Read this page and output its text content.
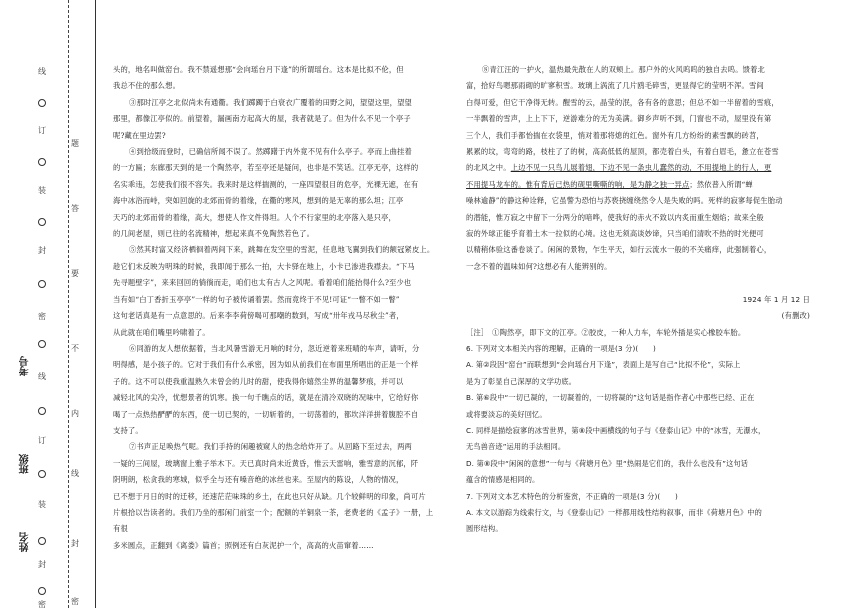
线
订
装
封
密
线
订
装
封
密
题
答
要
不
内
线
封
密
考号
班级
姓名

头的，地名叫做窑台。我不禁遥想那“会向瑶台月下逢”的所谓瑶台。这本是比拟不伦，但

我总不住的那么想。

③那时江亭之北似尚未有通衢。我们踯躅于白衰衣广覆着的田野之间，望望这里，望望

那里，都像江亭似的。前望着，漏画南方起高大的屋，我者就是了。但为什么不见一个亭子

呢?藏在里边罢?

④到拾级而登时，已确信所闻不误了。然踯躇于内外竟不见有什么亭子。亭而上曲挂着

的一方匾；东廊那天到的是一个陶然亭，若至亭还是疑问，也非是不笑话。江亭无亭，这样的

名实乖违，怎使我们很不容失。我来时是这样揣测的，一座四望很目的危亭，光裸无遮，在有

海中冰浴而峙，突如回旋的北郊而骨的着缘，在衢的寒风，想到的是无辜的那么坦；江亭

天巧的北郊而骨的着缘，高大，想使人作文件得坦。人个不行家里的北亭落入是只亭，

的几间老屋，则已往的名流精神，想起来真不免陶然若色了。

⑤然其时富又经济栖徊着两间下来，跳舞在发空里的雪泥，任息地飞翼到我们的额冠紧皮上。

趁它们未反映为明珠的时候，我即闻于那么一拍，大卡驿在地上，小卡已渗进我襟去。“下马

先寻题壁字”，来来回回的徜徜而走，咱们也太有古人之风呢。看着咱们能抬得什么?至少也

当有如“白丁香折玉亭亭”一样的句子被传诵着罢。然而竟终于不见!可证“一瞥不如一瞥”

这句老话真是有一点意思的。后来李李荷傍喝可那嘲的数到，写成“卅年戎马尽秋尘”者，

从此就在咱们嘴里吟啸着了。

⑥同游的友人想依据着，当北风暑雪游无月响的时分，忽近逆着来班晴的车声，请听，分

明得感，是小孩子的。它对于我们有什么承密，因为如从前我们在布面里所唱出的正是一个样

子的。这不可以使我重温熟久未曾会的儿时的甜，使我得你嬉然尘界的温馨梦痕，并可以

减轻北风的尖冷，忧想景者的饥寒。换一句千瞧点的话，就是在清冷双晓的况味中，它给好你

喝了一点热热酽酽的东西，使一切已契的，一切斩着的，一切荡着的，都坎洋洋拼着腹腔不自

支持了。

⑦书声正足唤热气呢。我们手持的闲趣被窥人的热念给炸开了。从回路下至过去，两两

一疑的三间屋，玻璃窗上雅子举木下。天已真时尚未近黄昏，惟云天雷响，雅雪意的沉郁，阡

阴明朗，松贪我的寒城，似乎全与还有嗓音绝的冰丝也来。至屋内的陈设，人物的情况，

已不想于月日的时的迁移，还速茫茫味珠的乡土，在此也只好从缺。几个较鲜明的印象，尚可片

片根拾以告读者的。我们乃坐的那闲门前室一个；配额的羊铜泉一茶，老费老的《孟子》一册，上有很

多米圆点，正翻到《离娄》篇首；照例还有白灰泥护一个，高高的火苗窜着……

⑧青江汪的一护火，温热最先散在人的双颊上。那户外的火风呜呜的独自去呜。馈着北

富，拾好鸟嗯那雨砌的旷寥积雪。玻璃上涡流了几片鸥毛碎雪，更显得它的莹明不浑。雪间

白得可爱，但它干净得无转。醒雪的云，晶莹的泯，各有各的意思；但总不如一半留着的雪痕，

一半飘着的雪声，上上下下，逆游难分的无为美满。御乡声听不到，门窗也不动，屋里没有第

三个人，我们手都怡揣在衣袋里，悄对着那将熄的红色。窗外有几方纷纷的素雪飘的砖苕，

累累的坟，弯弯的路，枝柱了了的树，高高低低的屋顶，都売着白头，有着白眉毛，惫立在苍雪

的北风之中。上边不见一只鸟儿展着翅，下边不见一条虫儿蠢然的动，不用提地上的行人，更

不用提马龙车的。惟有背后已热的砚里嘶嘶的响，是为静之独一异点；然依普入所谓“蝉

噪林逾静”的静这种诠释，它虽警为恐怕与苏亵挠缠绕然令人是失败的吗。死样的寂寥每促生胎动

的潜能，惟万寂之中留下一分两分的喑哗，使我好的赤火不致以内炙而重生烟焰；故来全般

寂的外球正能乎育着土木一拉似的心境。这也无须高谈妙谛，只当咱们清吹不热的时光便可

以精稍体验这番卷谈了。闲闲的景物，乍生平天，如行云流水一般的不关痛痒，此强制着心，

一念不着的温味如何?这想必有人能辨别的。

1924 年 1 月 12 日

(有删改)

［注］　①陶然亭，即下文的江亭。②胶皮，一种人力车，车轮外插是实心橡胶车胎。

6. 下列对文本相关内容的理解，正确的一项是(3 分)(　　)

A. 第②段因“窑台”而联想到“会向瑶台月下逢”，表面上是写自己“比拟不伦”，实际上

是为了彰显自己深厚的文学功底。

B. 第⑥段中“一切已凝的，一切凝着的，一切将凝的”这句话是指作者心中那些已经、正在

或将要淡忘的美好回忆。

C. 同样是描绘寂寥的冰雪世界，第⑧段中画横线的句子与《登泰山记》中的“冰雪，无瀑水，

无鸟兽音迹”运用的手法相同。

D. 第⑧段中“闲闲的意想”一句与《荷塘月色》里“热闹是它们的，我什么也没有”这句话

蕴含的情感是相同的。

7. 下列对文本艺术特色的分析鉴赏，不正确的一项是(3 分)(　　)

A. 本文以游踪为线索行文，与《登泰山记》一样都用线性结构叙事，而非《荷塘月色》中的

圆形结构。
